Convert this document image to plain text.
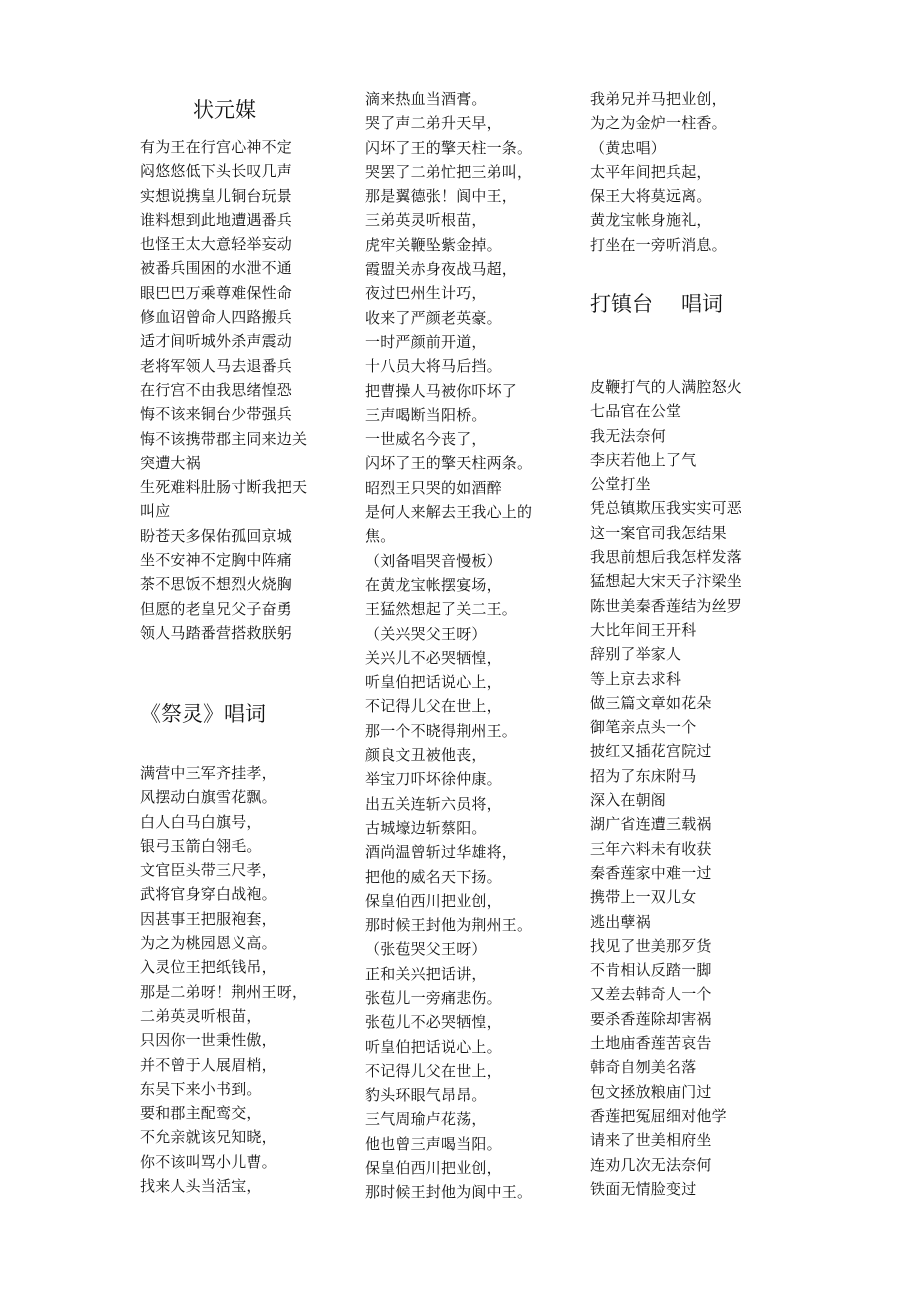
状元媒
有为王在行宫心神不定
闷悠悠低下头长叹几声
实想说携皇儿铜台玩景
谁料想到此地遭遇番兵
也怪王太大意轻举妄动
被番兵围困的水泄不通
眼巴巴万乘尊难保性命
修血诏曾命人四路搬兵
适才间听城外杀声震动
老将军领人马去退番兵
在行宫不由我思绪惶恐
悔不该来铜台少带强兵
悔不该携带郡主同来边关
突遭大祸
生死难料肚肠寸断我把天
叫应
盼苍天多保佑孤回京城
坐不安神不定胸中阵痛
茶不思饭不想烈火烧胸
但愿的老皇兄父子奋勇
领人马踏番营搭救朕躬
《祭灵》唱词
满营中三军齐挂孝，
风摆动白旗雪花飘。
白人白马白旗号，
银弓玉箭白翎毛。
文官臣头带三尺孝，
武将官身穿白战袍。
因甚事王把服袍套，
为之为桃园恩义高。
入灵位王把纸钱吊，
那是二弟呀！荆州王呀，
二弟英灵听根苗，
只因你一世秉性傲，
并不曾于人展眉梢，
东吴下来小书到。
要和郡主配鸾交，
不允亲就该兄知晓，
你不该叫骂小儿曹。
找来人头当活宝，
滴来热血当酒膏。
哭了声二弟升天早，
闪坏了王的擎天柱一条。
哭罢了二弟忙把三弟叫，
那是翼德张！阆中王，
三弟英灵听根苗，
虎牢关鞭坠紫金掉。
霞盟关赤身夜战马超，
夜过巴州生计巧，
收来了严颜老英豪。
一时严颜前开道，
十八员大将马后挡。
把曹操人马被你吓坏了
三声喝断当阳桥。
一世威名今丧了，
闪坏了王的擎天柱两条。
昭烈王只哭的如酒醉
是何人来解去王我心上的
焦。
（刘备唱哭音慢板）
在黄龙宝帐摆宴场，
王猛然想起了关二王。
（关兴哭父王呀）
关兴儿不必哭牺惶，
听皇伯把话说心上，
不记得儿父在世上，
那一个不晓得荆州王。
颜良文丑被他丧，
举宝刀吓坏徐仲康。
出五关连斩六员将，
古城壕边斩蔡阳。
酒尚温曾斩过华雄将，
把他的威名天下扬。
保皇伯西川把业创，
那时候王封他为荆州王。
（张苞哭父王呀）
正和关兴把话讲，
张苞儿一旁痛悲伤。
张苞儿不必哭牺惶，
听皇伯把话说心上。
不记得儿父在世上，
豹头环眼气昂昂。
三气周瑜卢花荡，
他也曾三声喝当阳。
保皇伯西川把业创，
那时候王封他为阆中王。
我弟兄并马把业创，
为之为金炉一柱香。
（黄忠唱）
太平年间把兵起，
保王大将莫远离。
黄龙宝帐身施礼，
打坐在一旁听消息。
打镇台 唱词
皮鞭打气的人满腔怒火
七品官在公堂
我无法奈何
李庆若他上了气
公堂打坐
凭总镇欺压我实实可恶
这一案官司我怎结果
我思前想后我怎样发落
猛想起大宋天子汴梁坐
陈世美秦香莲结为丝罗
大比年间王开科
辞别了举家人
等上京去求科
做三篇文章如花朵
御笔亲点头一个
披红又插花宫院过
招为了东床附马
深入在朝阁
湖广省连遭三载祸
三年六料未有收获
秦香莲家中难一过
携带上一双儿女
逃出孽祸
找见了世美那歹货
不肯相认反踏一脚
又差去韩奇人一个
要杀香莲除却害祸
土地庙香莲苦哀告
韩奇自刎美名落
包文拯放粮庙门过
香莲把冤屈细对他学
请来了世美相府坐
连劝几次无法奈何
铁面无情脸变过
